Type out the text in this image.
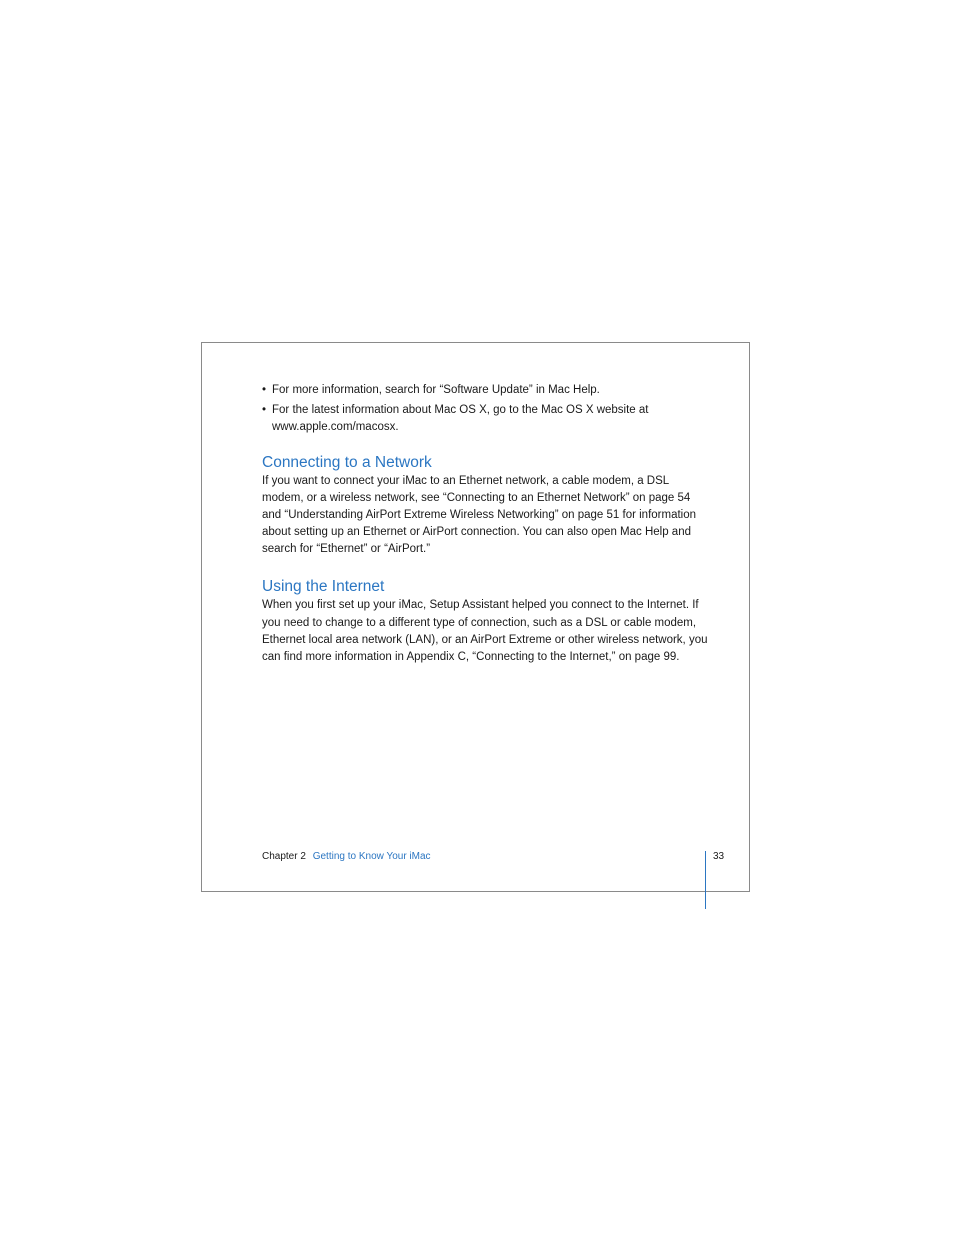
• For more information, search for “Software Update” in Mac Help.
• For the latest information about Mac OS X, go to the Mac OS X website at www.apple.com/macosx.
Connecting to a Network

If you want to connect your iMac to an Ethernet network, a cable modem, a DSL modem, or a wireless network, see “Connecting to an Ethernet Network” on page 54 and “Understanding AirPort Extreme Wireless Networking” on page 51 for information about setting up an Ethernet or AirPort connection. You can also open Mac Help and search for “Ethernet” or “AirPort.”

Using the Internet

When you first set up your iMac, Setup Assistant helped you connect to the Internet. If you need to change to a different type of connection, such as a DSL or cable modem, Ethernet local area network (LAN), or an AirPort Extreme or other wireless network, you can find more information in Appendix C, “Connecting to the Internet,” on page 99.

Chapter 2 Getting to Know Your iMac	33
